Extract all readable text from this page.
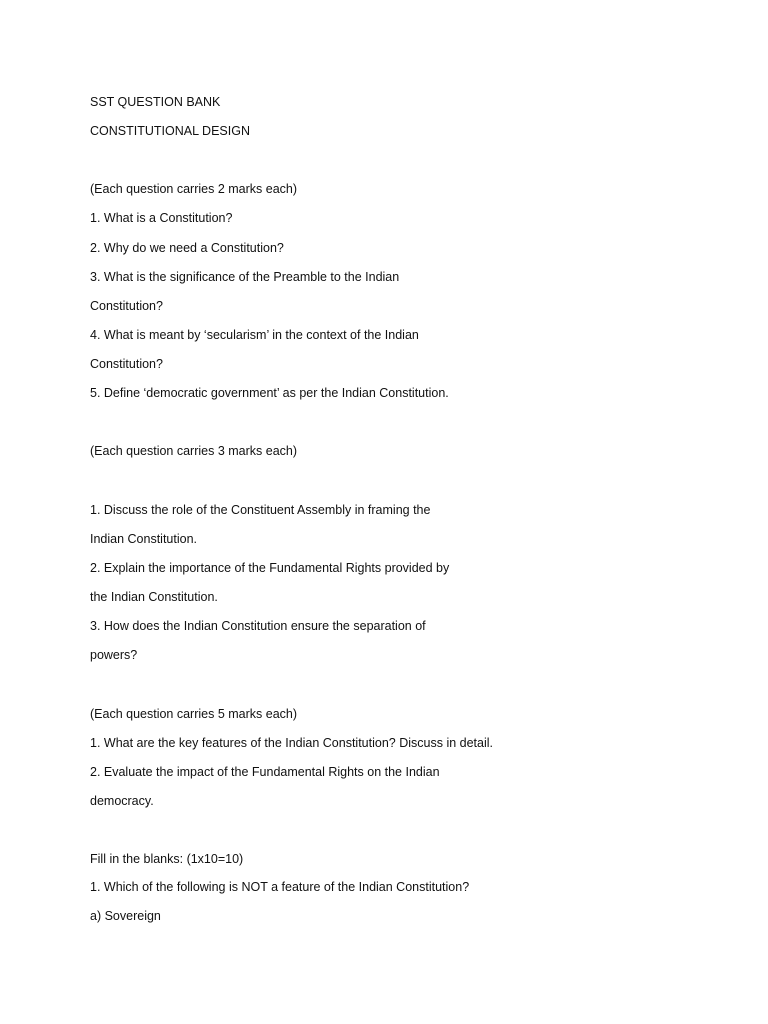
SST QUESTION BANK
CONSTITUTIONAL DESIGN
(Each question carries 2 marks each)
1. What is a Constitution?
2. Why do we need a Constitution?
3. What is the significance of the Preamble to the Indian
Constitution?
4. What is meant by ‘secularism’ in the context of the Indian
Constitution?
5. Define ‘democratic government’ as per the Indian Constitution.
(Each question carries 3 marks each)
1. Discuss the role of the Constituent Assembly in framing the
Indian Constitution.
2. Explain the importance of the Fundamental Rights provided by
the Indian Constitution.
3. How does the Indian Constitution ensure the separation of
powers?
(Each question carries 5 marks each)
1. What are the key features of the Indian Constitution? Discuss in detail.
2. Evaluate the impact of the Fundamental Rights on the Indian
democracy.
Fill in the blanks: (1x10=10)
1. Which of the following is NOT a feature of the Indian Constitution?
a) Sovereign
